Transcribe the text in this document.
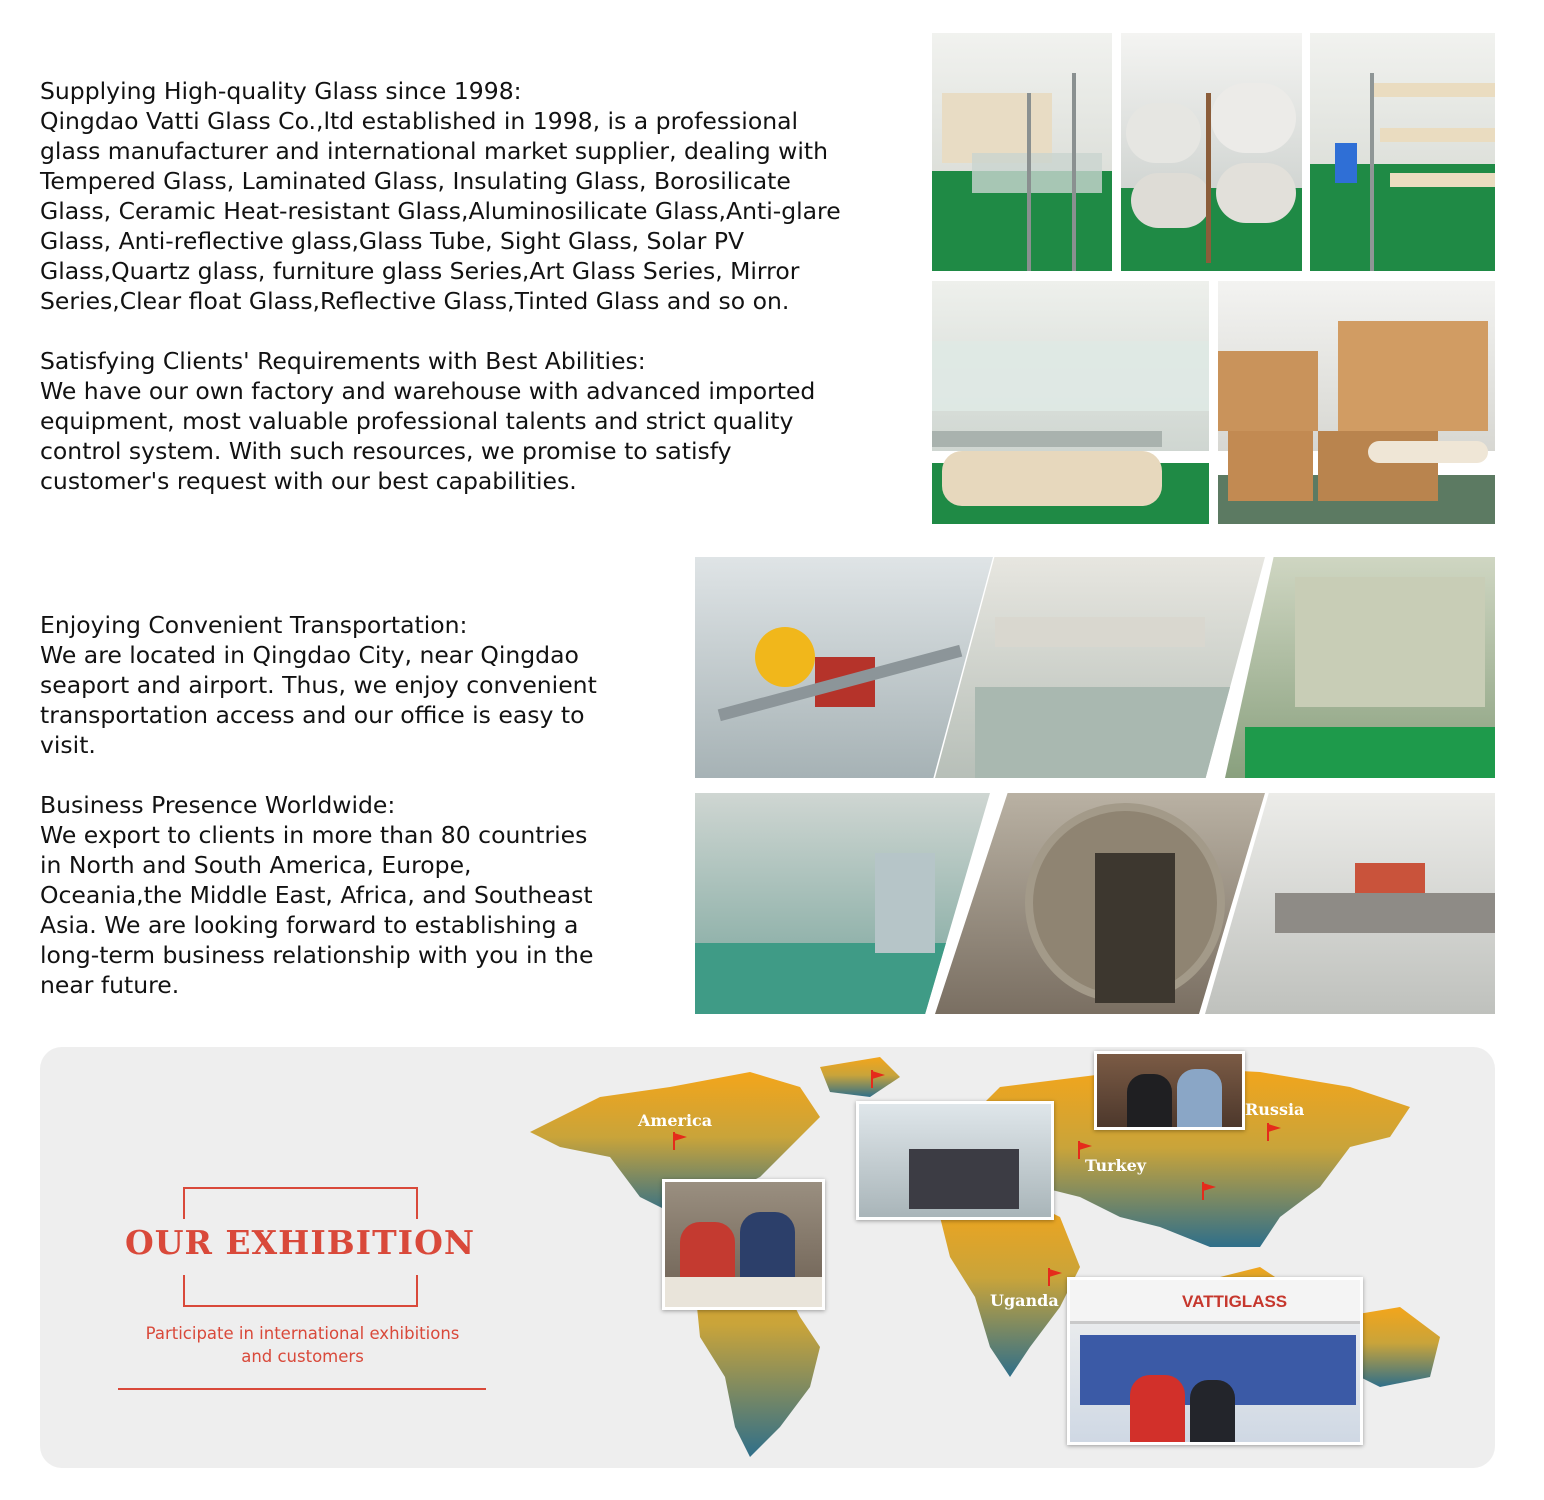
Supplying High-quality Glass since 1998:
Qingdao Vatti Glass Co.,ltd established in 1998, is a professional
glass manufacturer and international market supplier, dealing with
Tempered Glass, Laminated Glass, Insulating Glass, Borosilicate
Glass, Ceramic Heat-resistant Glass,Aluminosilicate Glass,Anti-glare
Glass, Anti-reflective glass,Glass Tube, Sight Glass, Solar PV
Glass,Quartz glass, furniture glass Series,Art Glass Series, Mirror
Series,Clear float Glass,Reflective Glass,Tinted Glass and so on.

Satisfying Clients' Requirements with Best Abilities:
We have our own factory and warehouse with advanced imported
equipment, most valuable professional talents and strict quality
control system. With such resources, we promise to satisfy
customer's request with our best capabilities.

Enjoying Convenient Transportation:
We are located in Qingdao City, near Qingdao
seaport and airport. Thus, we enjoy convenient
transportation access and our office is easy to
visit.

Business Presence Worldwide:
We export to clients in more than 80 countries
in North and South America, Europe,
Oceania,the Middle East, Africa, and Southeast
Asia. We are looking forward to establishing a
long-term business relationship with you in the
near future.

OUR EXHIBITION
Participate in international exhibitions
and customers
America
Russia
Turkey
Uganda	VATTIGLASS
